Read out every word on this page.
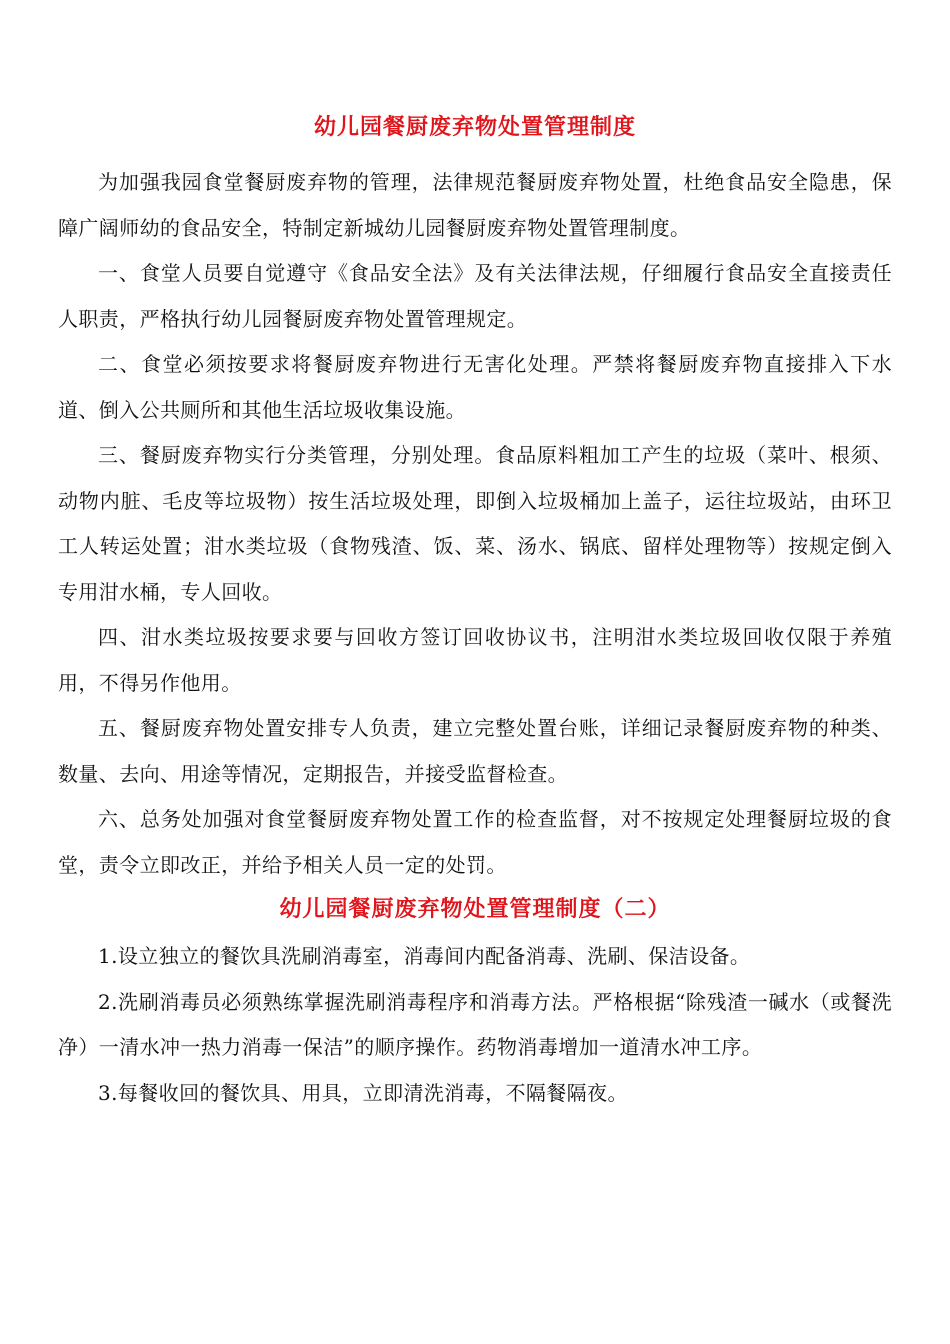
幼儿园餐厨废弃物处置管理制度

为加强我园食堂餐厨废弃物的管理，法律规范餐厨废弃物处置，杜绝食品安全隐患，保障广阔师幼的食品安全，特制定新城幼儿园餐厨废弃物处置管理制度。

一、食堂人员要自觉遵守《食品安全法》及有关法律法规，仔细履行食品安全直接责任人职责，严格执行幼儿园餐厨废弃物处置管理规定。

二、食堂必须按要求将餐厨废弃物进行无害化处理。严禁将餐厨废弃物直接排入下水道、倒入公共厕所和其他生活垃圾收集设施。

三、餐厨废弃物实行分类管理，分别处理。食品原料粗加工产生的垃圾（菜叶、根须、动物内脏、毛皮等垃圾物）按生活垃圾处理，即倒入垃圾桶加上盖子，运往垃圾站，由环卫工人转运处置；泔水类垃圾（食物残渣、饭、菜、汤水、锅底、留样处理物等）按规定倒入专用泔水桶，专人回收。

四、泔水类垃圾按要求要与回收方签订回收协议书，注明泔水类垃圾回收仅限于养殖用，不得另作他用。

五、餐厨废弃物处置安排专人负责，建立完整处置台账，详细记录餐厨废弃物的种类、数量、去向、用途等情况，定期报告，并接受监督检查。

六、总务处加强对食堂餐厨废弃物处置工作的检查监督，对不按规定处理餐厨垃圾的食堂，责令立即改正，并给予相关人员一定的处罚。

幼儿园餐厨废弃物处置管理制度（二）

1.设立独立的餐饮具洗刷消毒室，消毒间内配备消毒、洗刷、保洁设备。

2.洗刷消毒员必须熟练掌握洗刷消毒程序和消毒方法。严格根据“除残渣一碱水（或餐洗净）一清水冲一热力消毒一保洁”的顺序操作。药物消毒增加一道清水冲工序。

3.每餐收回的餐饮具、用具，立即清洗消毒，不隔餐隔夜。
